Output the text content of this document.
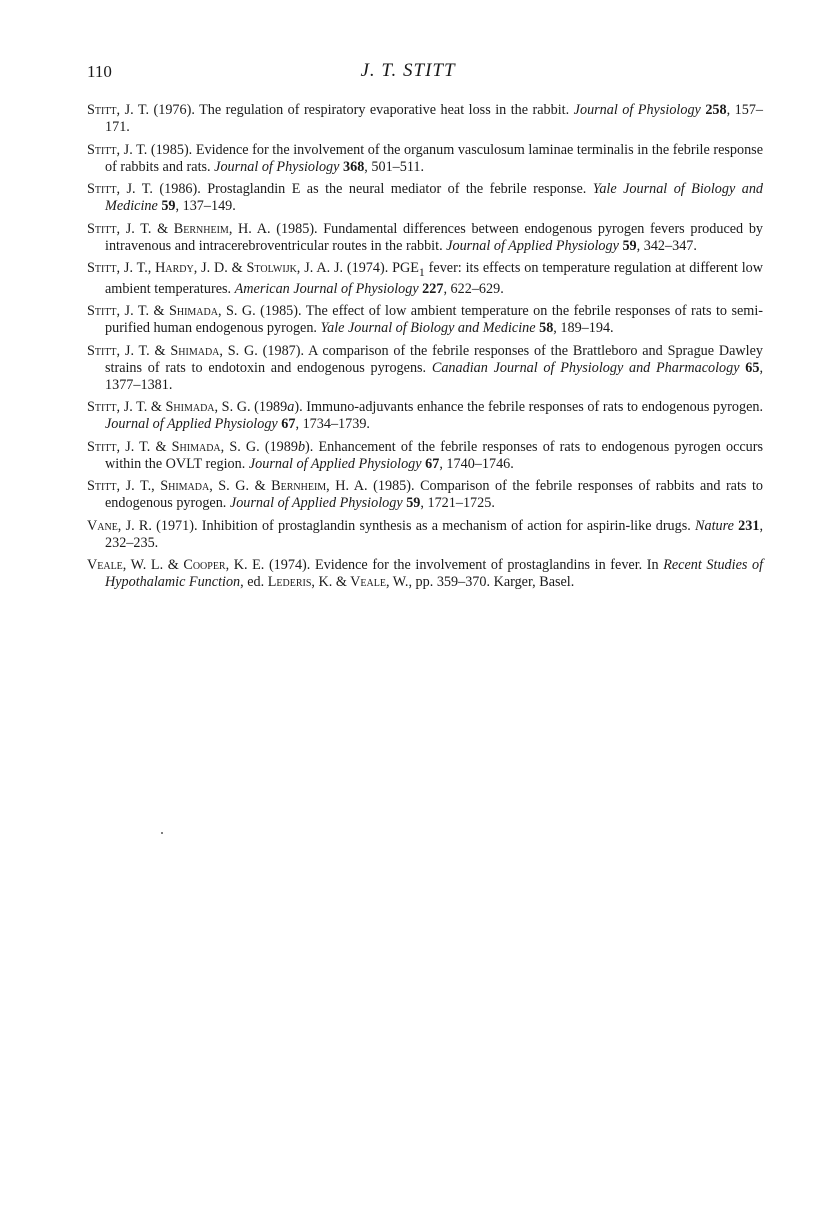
110	J. T. STITT

Stitt, J. T. (1976). The regulation of respiratory evaporative heat loss in the rabbit. Journal of Physiology 258, 157–171.

Stitt, J. T. (1985). Evidence for the involvement of the organum vasculosum laminae terminalis in the febrile response of rabbits and rats. Journal of Physiology 368, 501–511.

Stitt, J. T. (1986). Prostaglandin E as the neural mediator of the febrile response. Yale Journal of Biology and Medicine 59, 137–149.

Stitt, J. T. & Bernheim, H. A. (1985). Fundamental differences between endogenous pyrogen fevers produced by intravenous and intracerebroventricular routes in the rabbit. Journal of Applied Physiology 59, 342–347.

Stitt, J. T., Hardy, J. D. & Stolwijk, J. A. J. (1974). $PGE_1$ fever: its effects on temperature regulation at different low ambient temperatures. American Journal of Physiology 227, 622–629.

Stitt, J. T. & Shimada, S. G. (1985). The effect of low ambient temperature on the febrile responses of rats to semi-purified human endogenous pyrogen. Yale Journal of Biology and Medicine 58, 189–194.

Stitt, J. T. & Shimada, S. G. (1987). A comparison of the febrile responses of the Brattleboro and Sprague Dawley strains of rats to endotoxin and endogenous pyrogens. Canadian Journal of Physiology and Pharmacology 65, 1377–1381.

Stitt, J. T. & Shimada, S. G. (1989a). Immuno-adjuvants enhance the febrile responses of rats to endogenous pyrogen. Journal of Applied Physiology 67, 1734–1739.

Stitt, J. T. & Shimada, S. G. (1989b). Enhancement of the febrile responses of rats to endogenous pyrogen occurs within the OVLT region. Journal of Applied Physiology 67, 1740–1746.

Stitt, J. T., Shimada, S. G. & Bernheim, H. A. (1985). Comparison of the febrile responses of rabbits and rats to endogenous pyrogen. Journal of Applied Physiology 59, 1721–1725.

Vane, J. R. (1971). Inhibition of prostaglandin synthesis as a mechanism of action for aspirin-like drugs. Nature 231, 232–235.

Veale, W. L. & Cooper, K. E. (1974). Evidence for the involvement of prostaglandins in fever. In Recent Studies of Hypothalamic Function, ed. Lederis, K. & Veale, W., pp. 359–370. Karger, Basel.
